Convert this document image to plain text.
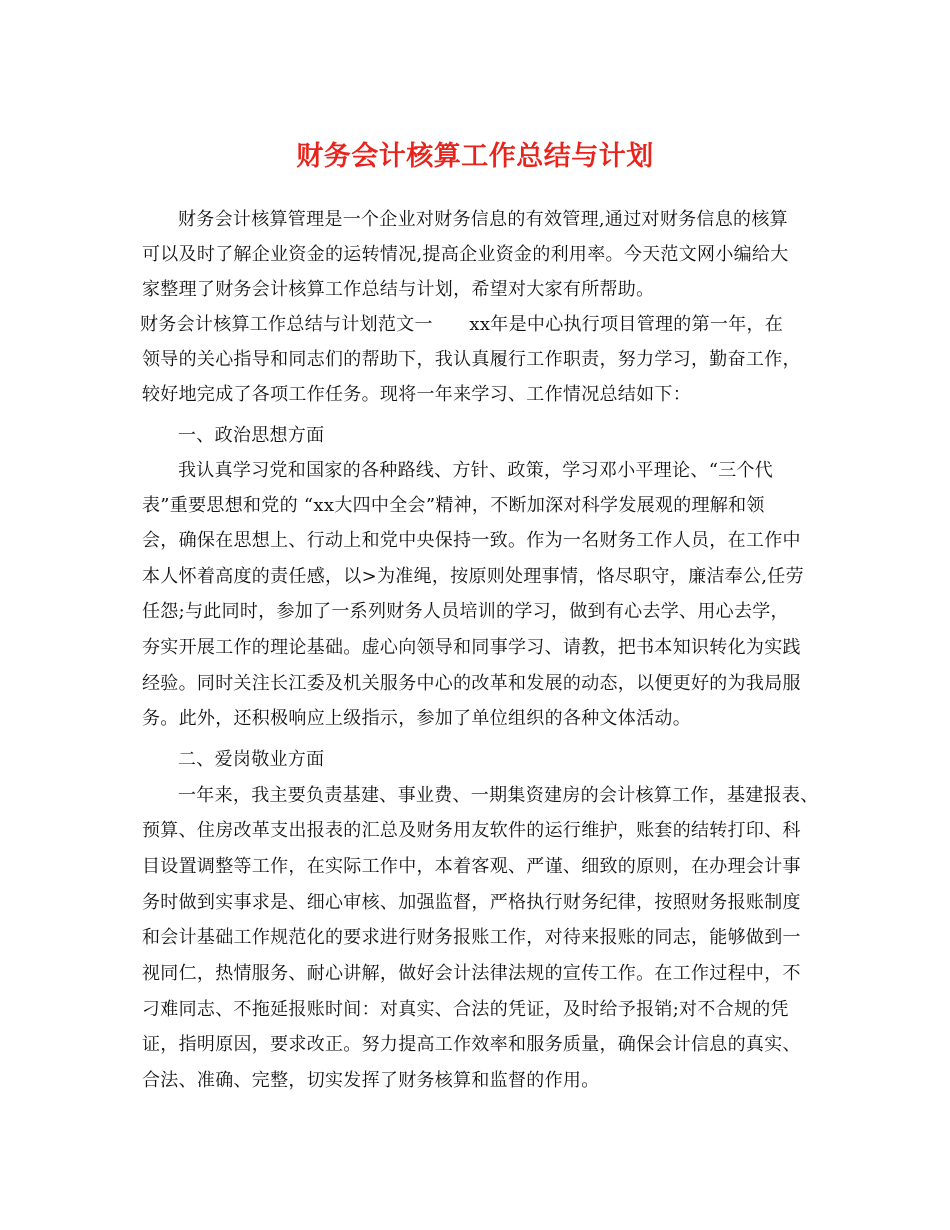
财务会计核算工作总结与计划
财务会计核算管理是一个企业对财务信息的有效管理,通过对财务信息的核算
可以及时了解企业资金的运转情况,提高企业资金的利用率。今天范文网小编给大
家整理了财务会计核算工作总结与计划，希望对大家有所帮助。
财务会计核算工作总结与计划范文一　　xx年是中心执行项目管理的第一年，在
领导的关心指导和同志们的帮助下，我认真履行工作职责，努力学习，勤奋工作，
较好地完成了各项工作任务。现将一年来学习、工作情况总结如下：
一、政治思想方面
我认真学习党和国家的各种路线、方针、政策，学习邓小平理论、“三个代
表”重要思想和党的 “xx大四中全会”精神，不断加深对科学发展观的理解和领
会，确保在思想上、行动上和党中央保持一致。作为一名财务工作人员，在工作中
本人怀着高度的责任感，以>为准绳，按原则处理事情，恪尽职守，廉洁奉公,任劳
任怨;与此同时，参加了一系列财务人员培训的学习，做到有心去学、用心去学，
夯实开展工作的理论基础。虚心向领导和同事学习、请教，把书本知识转化为实践
经验。同时关注长江委及机关服务中心的改革和发展的动态，以便更好的为我局服
务。此外，还积极响应上级指示，参加了单位组织的各种文体活动。
二、爱岗敬业方面
一年来，我主要负责基建、事业费、一期集资建房的会计核算工作，基建报表、
预算、住房改革支出报表的汇总及财务用友软件的运行维护，账套的结转打印、科
目设置调整等工作，在实际工作中，本着客观、严谨、细致的原则，在办理会计事
务时做到实事求是、细心审核、加强监督，严格执行财务纪律，按照财务报账制度
和会计基础工作规范化的要求进行财务报账工作，对待来报账的同志，能够做到一
视同仁，热情服务、耐心讲解，做好会计法律法规的宣传工作。在工作过程中，不
刁难同志、不拖延报账时间：对真实、合法的凭证，及时给予报销;对不合规的凭
证，指明原因，要求改正。努力提高工作效率和服务质量，确保会计信息的真实、
合法、准确、完整，切实发挥了财务核算和监督的作用。
